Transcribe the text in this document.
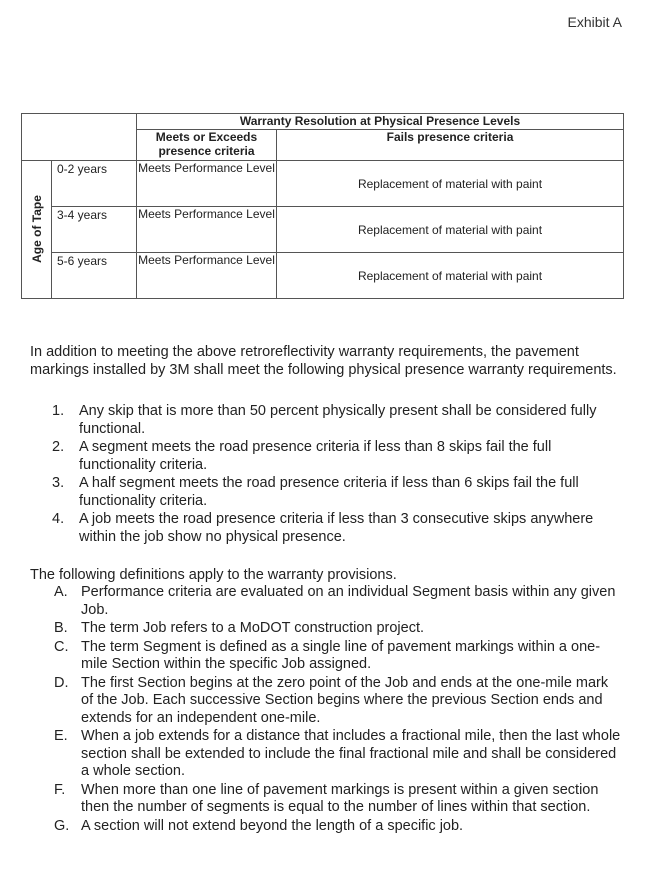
Exhibit A
		Warranty Resolution at Physical Presence Levels	
		Meets or Exceeds presence criteria	Fails presence criteria

Age of Tape	0-2 years	Meets Performance Level	Replacement of material with paint
	3-4 years	Meets Performance Level	Replacement of material with paint
	5-6 years	Meets Performance Level	Replacement of material with paint

In addition to meeting the above retroreflectivity warranty requirements, the pavement markings installed by 3M shall meet the following physical presence warranty requirements.

1. Any skip that is more than 50 percent physically present shall be considered fully functional.
2. A segment meets the road presence criteria if less than 8 skips fail the full functionality criteria.
3. A half segment meets the road presence criteria if less than 6 skips fail the full functionality criteria.
4. A job meets the road presence criteria if less than 3 consecutive skips anywhere within the job show no physical presence.

The following definitions apply to the warranty provisions.

A. Performance criteria are evaluated on an individual Segment basis within any given Job.
B. The term Job refers to a MoDOT construction project.
C. The term Segment is defined as a single line of pavement markings within a one-mile Section within the specific Job assigned.
D. The first Section begins at the zero point of the Job and ends at the one-mile mark of the Job. Each successive Section begins where the previous Section ends and extends for an independent one-mile.
E. When a job extends for a distance that includes a fractional mile, then the last whole section shall be extended to include the final fractional mile and shall be considered a whole section.
F. When more than one line of pavement markings is present within a given section then the number of segments is equal to the number of lines within that section.
G. A section will not extend beyond the length of a specific job.
